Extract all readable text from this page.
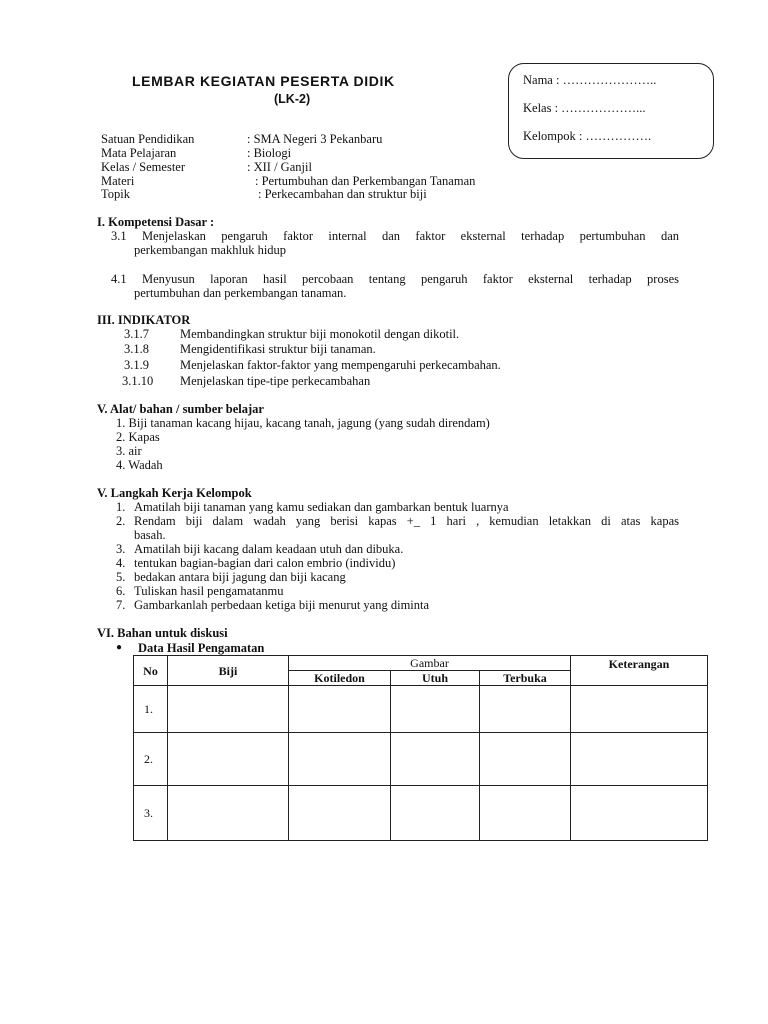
LEMBAR KEGIATAN PESERTA DIDIK
(LK-2)
Nama : …………………..
Kelas : ………………...
Kelompok : …………….
Satuan Pendidikan	: SMA Negeri 3 Pekanbaru
Mata Pelajaran	: Biologi
Kelas / Semester	: XII / Ganjil
Materi	: Pertumbuhan dan Perkembangan Tanaman
Topik	: Perkecambahan dan struktur biji
I. Kompetensi Dasar :
3.1 Menjelaskan pengaruh faktor internal dan faktor eksternal terhadap pertumbuhan dan
perkembangan makhluk hidup
4.1 Menyusun laporan hasil percobaan tentang pengaruh faktor eksternal terhadap proses
pertumbuhan dan perkembangan tanaman.
III. INDIKATOR
3.1.7 Membandingkan struktur biji monokotil dengan dikotil.
3.1.8 Mengidentifikasi struktur biji tanaman.
3.1.9 Menjelaskan faktor-faktor yang mempengaruhi perkecambahan.
3.1.10 Menjelaskan tipe-tipe perkecambahan
V. Alat/ bahan / sumber belajar
1. Biji tanaman kacang hijau, kacang tanah, jagung (yang sudah direndam)
2. Kapas
3. air
4. Wadah
V. Langkah Kerja Kelompok
1. Amatilah biji tanaman yang kamu sediakan dan gambarkan bentuk luarnya
2. Rendam biji dalam wadah yang berisi kapas +_ 1 hari , kemudian letakkan di atas kapas
basah.
3. Amatilah biji kacang dalam keadaan utuh dan dibuka.
4. tentukan bagian-bagian dari calon embrio (individu)
5. bedakan antara biji jagung dan biji kacang
6. Tuliskan hasil pengamatanmu
7. Gambarkanlah perbedaan ketiga biji menurut yang diminta
VI. Bahan untuk diskusi
● Data Hasil Pengamatan
No	Biji	Gambar			Keterangan
		Kotiledon	Utuh	Terbuka	
1.					
2.					
3.					
